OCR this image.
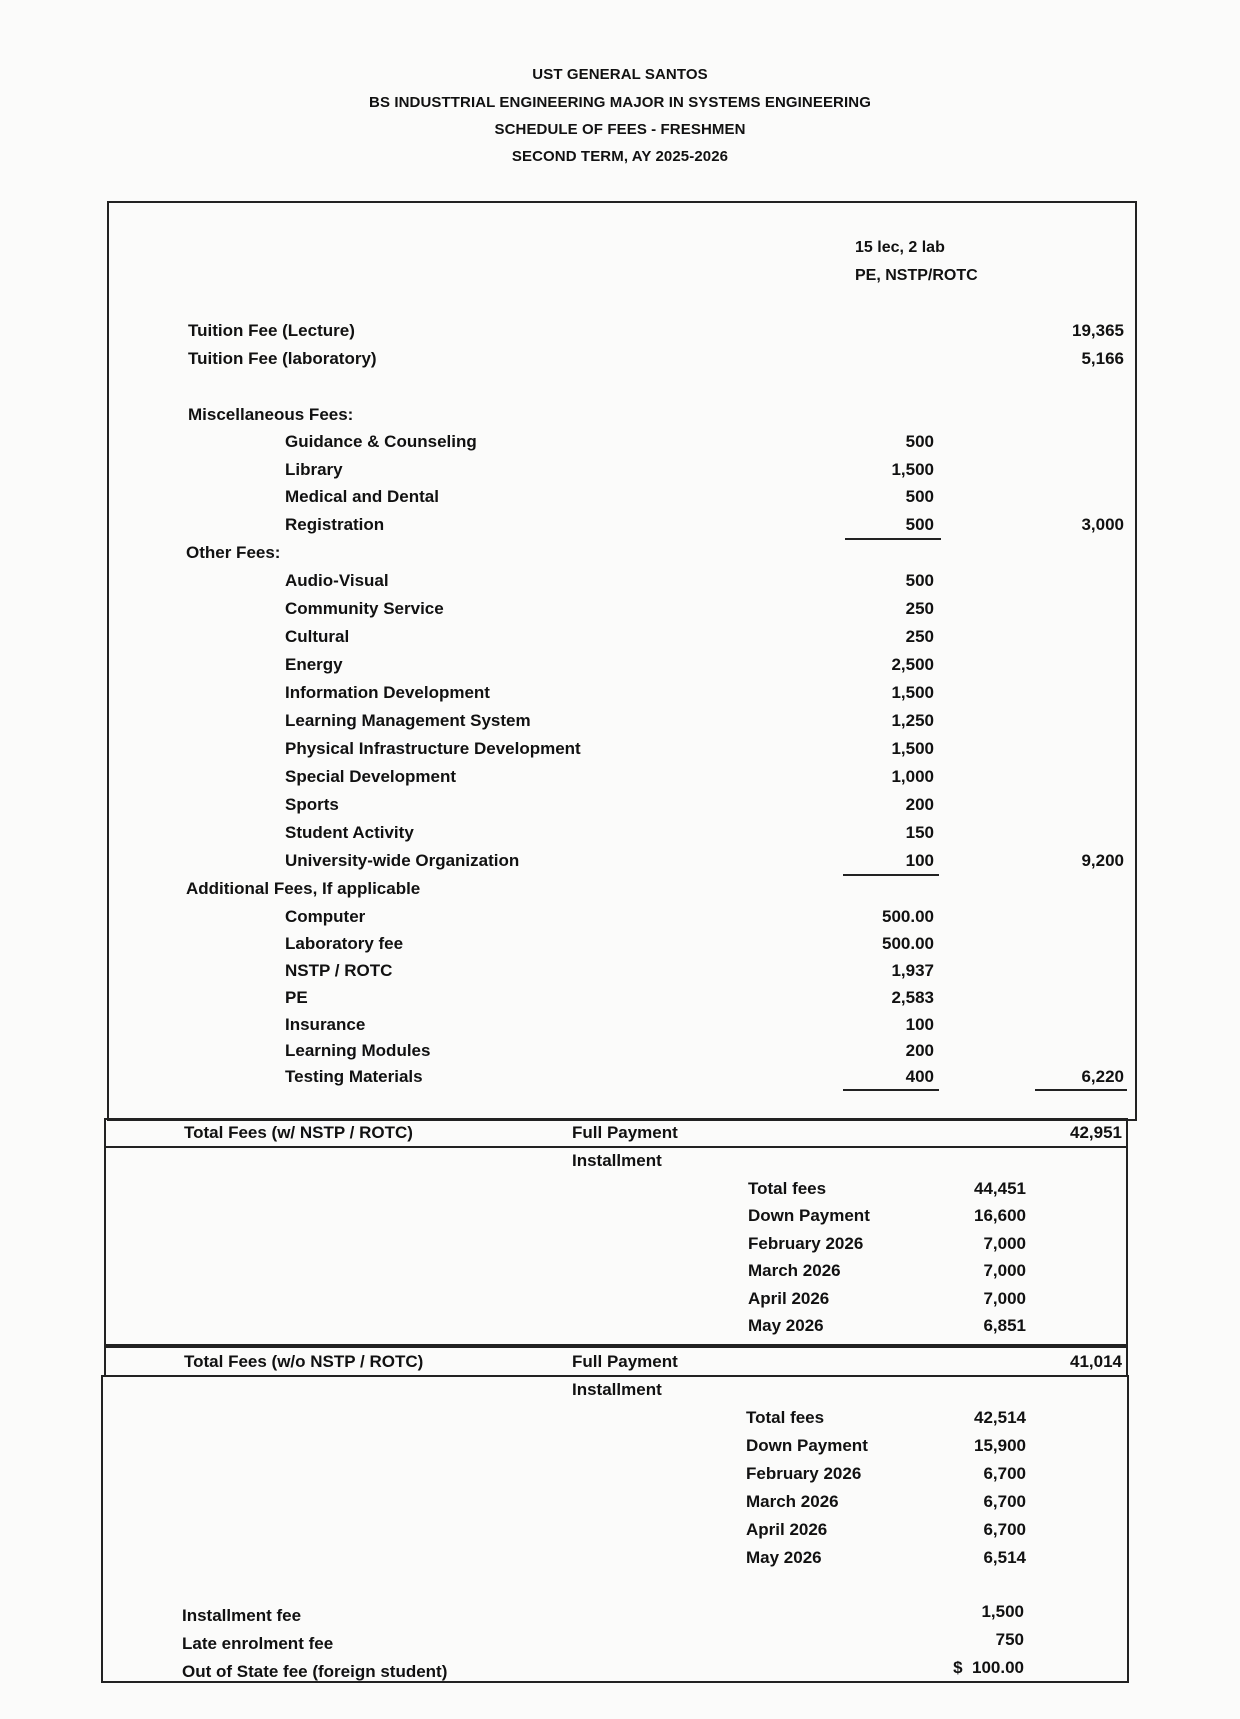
UST GENERAL SANTOS
BS INDUSTTRIAL ENGINEERING MAJOR IN SYSTEMS ENGINEERING
SCHEDULE OF FEES - FRESHMEN
SECOND TERM, AY 2025-2026
15 lec, 2 lab
PE, NSTP/ROTC
Tuition Fee (Lecture)	19,365
Tuition Fee (laboratory)	5,166
Miscellaneous Fees:
Guidance & Counseling	500
Library	1,500
Medical and Dental	500
Registration	500	3,000
Other Fees:
Audio-Visual	500
Community Service	250
Cultural	250
Energy	2,500
Information Development	1,500
Learning Management System	1,250
Physical Infrastructure Development	1,500
Special Development	1,000
Sports	200
Student Activity	150
University-wide Organization	100	9,200
Additional Fees, If applicable
Computer	500.00
Laboratory fee	500.00
NSTP / ROTC	1,937
PE	2,583
Insurance	100
Learning Modules	200
Testing Materials	400	6,220
Total Fees (w/ NSTP / ROTC)	Full Payment	42,951
Installment
Total fees	44,451
Down Payment	16,600
February 2026	7,000
March 2026	7,000
April 2026	7,000
May 2026	6,851
Total Fees (w/o NSTP / ROTC)	Full Payment	41,014
Installment
Total fees	42,514
Down Payment	15,900
February 2026	6,700
March 2026	6,700
April 2026	6,700
May 2026	6,514
Installment fee	1,500
Late enrolment fee	750
Out of State fee (foreign student)	$  100.00
